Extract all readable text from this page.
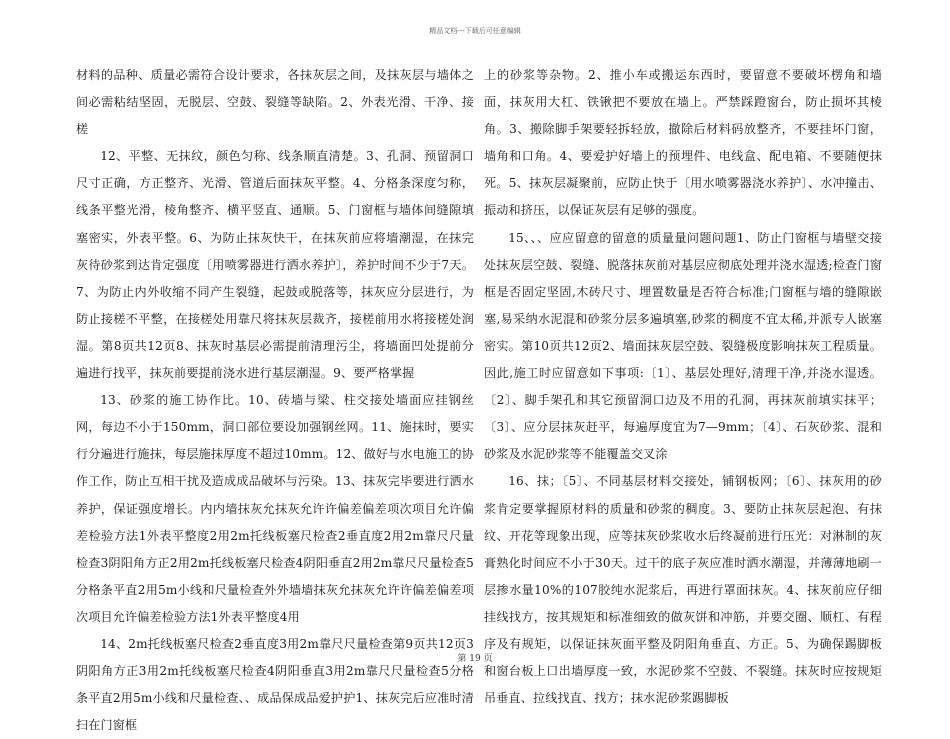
精品文档---下载后可任意编辑

材料的品种、质量必需符合设计要求，各抹灰层之间，及抹灰层与墙体之间必需粘结坚固，无脱层、空鼓、裂缝等缺陷。2、外表光滑、干净、接槎

12、平整、无抹纹，颜色匀称、线条顺直清楚。3、孔洞、预留洞口尺寸正确，方正整齐、光滑、管道后面抹灰平整。4、分格条深度匀称，线条平整光滑，棱角整齐、横平竖直、通顺。5、门窗框与墙体间缝隙填塞密实，外表平整。6、为防止抹灰快干，在抹灰前应将墙潮湿，在抹完灰待砂浆到达肯定强度〔用喷雾器进行洒水养护〕，养护时间不少于7天。7、为防止内外收缩不同产生裂缝，起鼓或脱落等，抹灰应分层进行，为防止接槎不平整，在接槎处用靠尺将抹灰层裁齐，接槎前用水将接槎处润湿。第8页共12页8、抹灰时基层必需提前清理污尘，将墙面凹处提前分遍进行找平，抹灰前要提前浇水进行基层潮湿。9、要严格掌握

13、砂浆的施工协作比。10、砖墙与梁、柱交接处墙面应挂钢丝网，每边不小于150mm，洞口部位要设加强钢丝网。11、施抹时，要实行分遍进行施抹，每层施抹厚度不超过10mm。12、做好与水电施工的协作工作，防止互相干扰及造成成品破坏与污染。13、抹灰完毕要进行洒水养护，保证强度增长。内内墙抹灰允抹灰允许许偏差偏差项次项目允许偏差检验方法1外表平整度2用2m托线板塞尺检查2垂直度2用2m靠尺尺量检查3阴阳角方正2用2m托线板塞尺检查4阴阳垂直2用2m靠尺尺量检查5分格条平直2用5m小线和尺量检查外外墙墙抹灰允抹灰允许许偏差偏差项次项目允许偏差检验方法1外表平整度4用

14、2m托线板塞尺检查2垂直度3用2m靠尺尺量检查第9页共12页3阴阳角方正3用2m托线板塞尺检查4阴阳垂直3用2m靠尺尺量检查5分格条平直2用5m小线和尺量检查、、成品保成品爱护护1、抹灰完后应准时清扫在门窗框

上的砂浆等杂物。2、推小车或搬运东西时，要留意不要破坏楞角和墙面，抹灰用大杠、铁锹把不要放在墙上。严禁踩蹬窗台，防止损坏其棱角。3、搬除脚手架要轻拆轻放，撤除后材料码放整齐，不要挂坏门窗，墙角和口角。4、要爱护好墙上的预埋件、电线盒、配电箱、不要随便抹死。5、抹灰层凝聚前，应防止快于〔用水喷雾器浇水养护〕、水冲撞击、振动和挤压，以保证灰层有足够的强度。

15、、、应应留意的留意的质量量问题问题1、防止门窗框与墙壁交接处抹灰层空鼓、裂缝、脱落抹灰前对基层应彻底处理并浇水湿透;检查门窗框是否固定坚固,木砖尺寸、埋置数量是否符合标准;门窗框与墙的缝隙嵌塞,易采纳水泥混和砂浆分层多遍填塞,砂浆的稠度不宜太稀,并派专人嵌塞密实。第10页共12页2、墙面抹灰层空鼓、裂缝极度影响抹灰工程质量。因此,施工时应留意如下事项:〔1〕、基层处理好,清理干净,并浇水湿透。〔2〕、脚手架孔和其它预留洞口边及不用的孔洞，再抹灰前填实抹平；〔3〕、应分层抹灰赶平，每遍厚度宜为7—9mm；〔4〕、石灰砂浆、混和砂浆及水泥砂浆等不能覆盖交叉涂

16、抹；〔5〕、不同基层材料交接处，铺钢板网；〔6〕、抹灰用的砂浆肯定要掌握原材料的质量和砂浆的稠度。3、要防止抹灰层起泡、有抹纹、开花等现象出现，应等抹灰砂浆收水后终凝前进行压光：对淋制的灰膏熟化时间应不小于30天。过干的底子灰应准时洒水潮湿，并薄薄地刷一层掺水量10%的107胶纯水泥浆后，再进行罩面抹灰。4、抹灰前应仔细挂线找方，按其规矩和标准细致的做灰饼和冲筋，并要交圈、顺杠、有程序及有规矩，以保证抹灰面平整及阴阳角垂直、方正。5、为确保踢脚板和窗台板上口出墙厚度一致，水泥砂浆不空鼓、不裂缝。抹灰时应按规矩吊垂直、拉线找直、找方；抹水泥砂浆踢脚板

第 19 页
